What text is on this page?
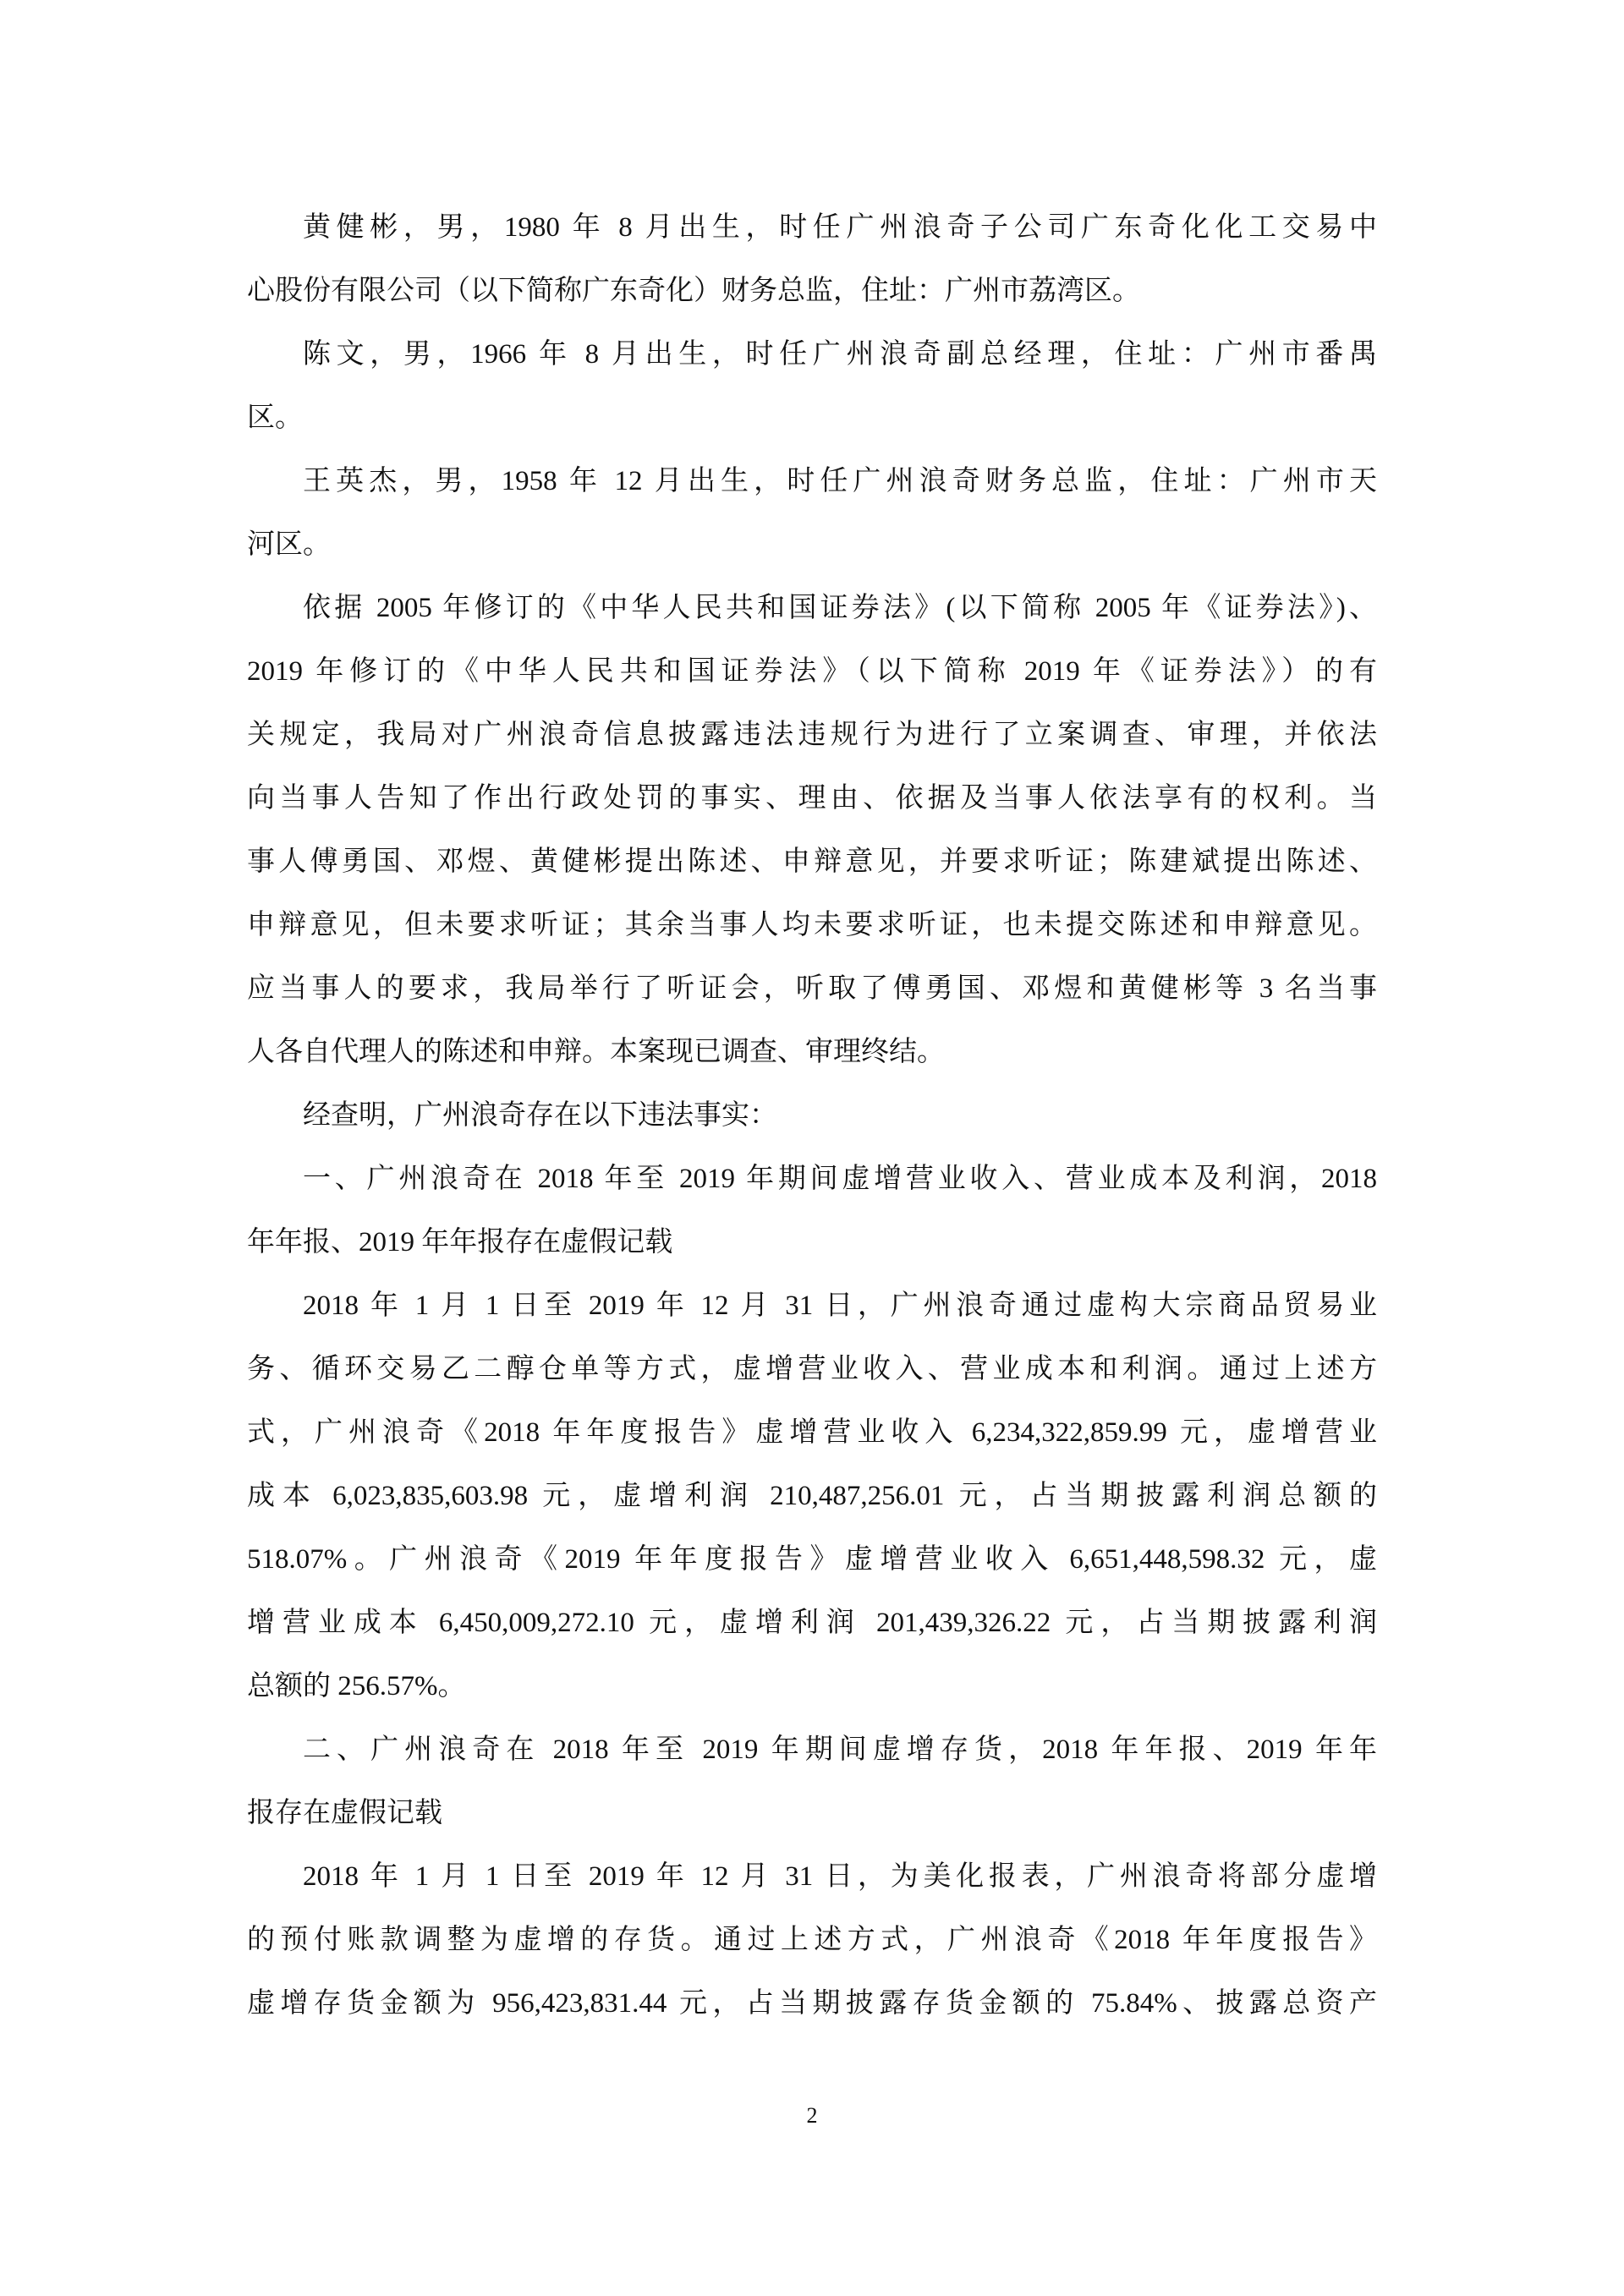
黄健彬，男，1980 年 8 月出生，时任广州浪奇子公司广东奇化化工交易中
心股份有限公司（以下简称广东奇化）财务总监，住址：广州市荔湾区。
陈文，男，1966 年 8 月出生，时任广州浪奇副总经理，住址：广州市番禺
区。
王英杰，男，1958 年 12 月出生，时任广州浪奇财务总监，住址：广州市天
河区。
依据 2005 年修订的《中华人民共和国证券法》(以下简称 2005 年《证券法》)、
2019 年修订的《中华人民共和国证券法》（以下简称 2019 年《证券法》）的有
关规定，我局对广州浪奇信息披露违法违规行为进行了立案调查、审理，并依法
向当事人告知了作出行政处罚的事实、理由、依据及当事人依法享有的权利。当
事人傅勇国、邓煜、黄健彬提出陈述、申辩意见，并要求听证；陈建斌提出陈述、
申辩意见，但未要求听证；其余当事人均未要求听证，也未提交陈述和申辩意见。
应当事人的要求，我局举行了听证会，听取了傅勇国、邓煜和黄健彬等 3 名当事
人各自代理人的陈述和申辩。本案现已调查、审理终结。
经查明，广州浪奇存在以下违法事实：
一、广州浪奇在 2018 年至 2019 年期间虚增营业收入、营业成本及利润，2018
年年报、2019 年年报存在虚假记载
2018 年 1 月 1 日至 2019 年 12 月 31 日，广州浪奇通过虚构大宗商品贸易业
务、循环交易乙二醇仓单等方式，虚增营业收入、营业成本和利润。通过上述方
式，广州浪奇《2018 年年度报告》虚增营业收入 6,234,322,859.99 元，虚增营业
成本 6,023,835,603.98 元，虚增利润 210,487,256.01 元，占当期披露利润总额的
518.07%。广州浪奇《2019 年年度报告》虚增营业收入 6,651,448,598.32 元，虚
增营业成本 6,450,009,272.10 元，虚增利润 201,439,326.22 元，占当期披露利润
总额的 256.57%。
二、广州浪奇在 2018 年至 2019 年期间虚增存货，2018 年年报、2019 年年
报存在虚假记载
2018 年 1 月 1 日至 2019 年 12 月 31 日，为美化报表，广州浪奇将部分虚增
的预付账款调整为虚增的存货。通过上述方式，广州浪奇《2018 年年度报告》
虚增存货金额为 956,423,831.44 元，占当期披露存货金额的 75.84%、披露总资产
2
